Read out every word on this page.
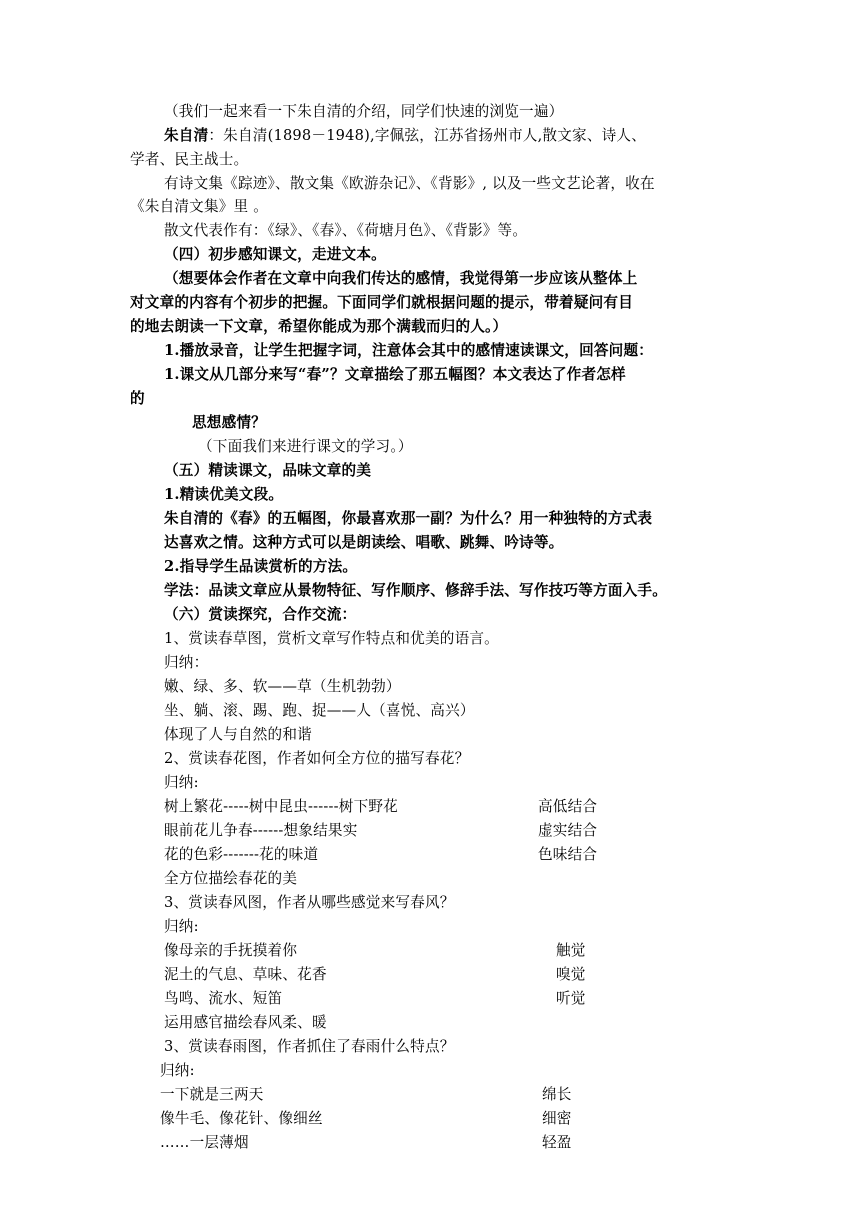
（我们一起来看一下朱自清的介绍，同学们快速的浏览一遍）
朱自清：朱自清(1898－1948),字佩弦，江苏省扬州市人,散文家、诗人、
学者、民主战士。
有诗文集《踪迹》、散文集《欧游杂记》、《背影》, 以及一些文艺论著，收在
《朱自清文集》里 。
散文代表作有：《绿》、《春》、《荷塘月色》、《背影》等。
（四）初步感知课文，走进文本。
（想要体会作者在文章中向我们传达的感情，我觉得第一步应该从整体上
对文章的内容有个初步的把握。下面同学们就根据问题的提示，带着疑问有目
的地去朗读一下文章，希望你能成为那个满载而归的人。）
1.播放录音，让学生把握字词，注意体会其中的感情速读课文，回答问题：
1.课文从几部分来写“春”？文章描绘了那五幅图？本文表达了作者怎样
的
思想感情？
（下面我们来进行课文的学习。）
（五）精读课文，品味文章的美
1.精读优美文段。
朱自清的《春》的五幅图，你最喜欢那一副？为什么？用一种独特的方式表
达喜欢之情。这种方式可以是朗读绘、唱歌、跳舞、吟诗等。
2.指导学生品读赏析的方法。
学法：品读文章应从景物特征、写作顺序、修辞手法、写作技巧等方面入手。
（六）赏读探究，合作交流：
1、赏读春草图，赏析文章写作特点和优美的语言。
归纳：
嫩、绿、多、软——草（生机勃勃）
坐、躺、滚、踢、跑、捉——人（喜悦、高兴）
体现了人与自然的和谐
2、赏读春花图，作者如何全方位的描写春花？
归纳:
树上繁花-----树中昆虫------树下野花	高低结合
眼前花儿争春------想象结果实	虚实结合
花的色彩-------花的味道	色味结合
全方位描绘春花的美
3、赏读春风图，作者从哪些感觉来写春风？
归纳:
像母亲的手抚摸着你	触觉
泥土的气息、草味、花香	嗅觉
鸟鸣、流水、短笛	听觉
运用感官描绘春风柔、暖
3、赏读春雨图，作者抓住了春雨什么特点？
归纳:
一下就是三两天	绵长
像牛毛、像花针、像细丝	细密
……一层薄烟	轻盈
